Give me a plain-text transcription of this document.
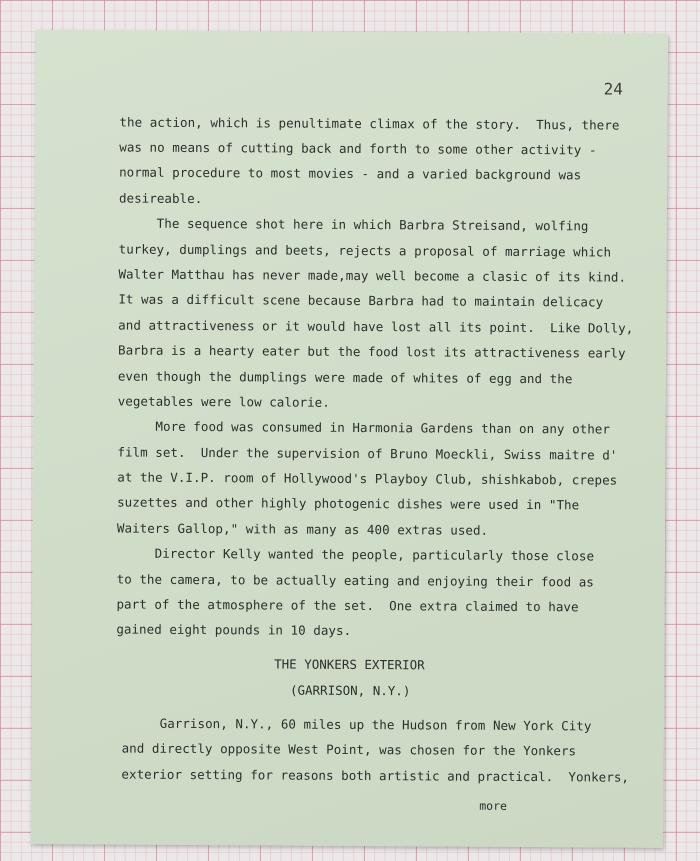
24
the action, which is penultimate climax of the story.  Thus, there
was no means of cutting back and forth to some other activity -
normal procedure to most movies - and a varied background was
desireable.
The sequence shot here in which Barbra Streisand, wolfing
turkey, dumplings and beets, rejects a proposal of marriage which
Walter Matthau has never made,may well become a clasic of its kind.
It was a difficult scene because Barbra had to maintain delicacy
and attractiveness or it would have lost all its point.  Like Dolly,
Barbra is a hearty eater but the food lost its attractiveness early
even though the dumplings were made of whites of egg and the
vegetables were low calorie.
More food was consumed in Harmonia Gardens than on any other
film set.  Under the supervision of Bruno Moeckli, Swiss maitre d'
at the V.I.P. room of Hollywood's Playboy Club, shishkabob, crepes
suzettes and other highly photogenic dishes were used in "The
Waiters Gallop," with as many as 400 extras used.
Director Kelly wanted the people, particularly those close
to the camera, to be actually eating and enjoying their food as
part of the atmosphere of the set.  One extra claimed to have
gained eight pounds in 10 days.
THE YONKERS EXTERIOR
(GARRISON, N.Y.)
Garrison, N.Y., 60 miles up the Hudson from New York City
and directly opposite West Point, was chosen for the Yonkers
exterior setting for reasons both artistic and practical.  Yonkers,
more
